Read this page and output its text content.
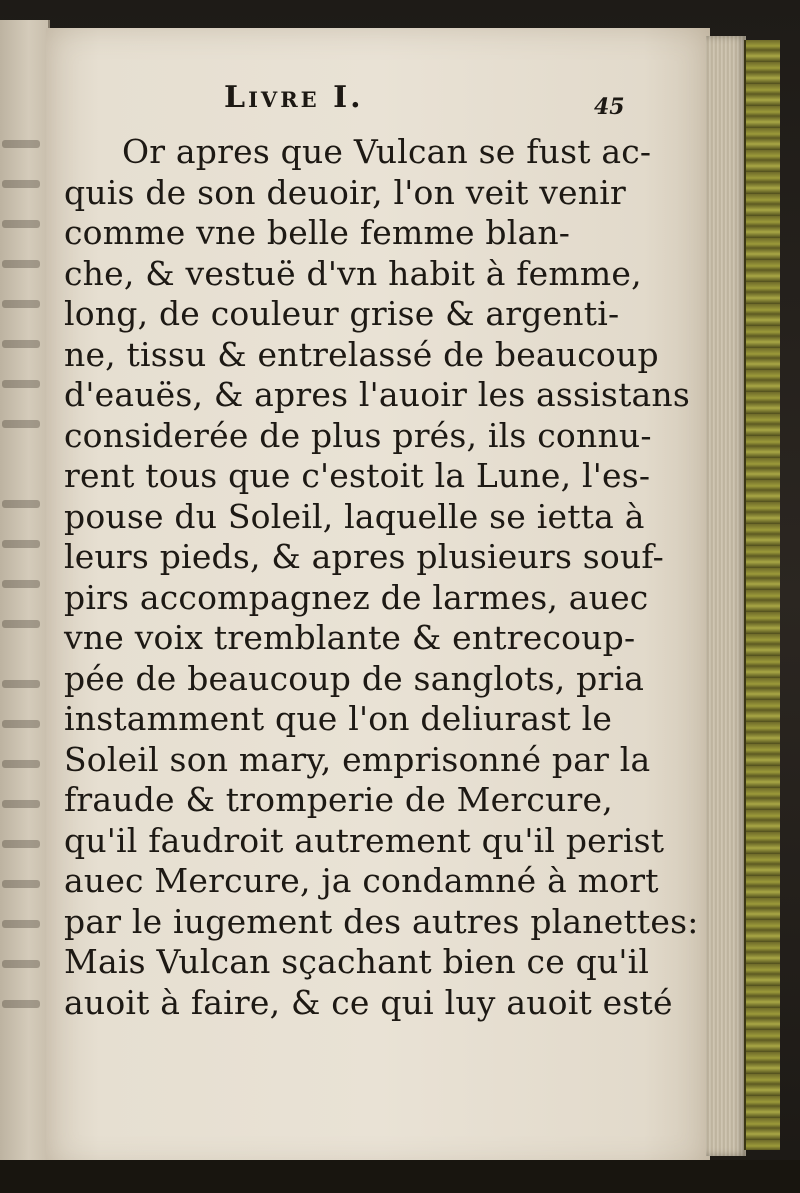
Livre I.	45
Or apres que Vulcan se fust ac-
quis de son deuoir, l'on veit venir
comme vne belle femme blan-
che, & vestuë d'vn habit à femme,
long, de couleur grise & argenti-
ne, tissu & entrelassé de beaucoup
d'eauës, & apres l'auoir les assistans
considerée de plus prés, ils connu-
rent tous que c'estoit la Lune, l'es-
pouse du Soleil, laquelle se ietta à
leurs pieds, & apres plusieurs souf-
pirs accompagnez de larmes, auec
vne voix tremblante & entrecoup-
pée de beaucoup de sanglots, pria
instamment que l'on deliurast le
Soleil son mary, emprisonné par la
fraude & tromperie de Mercure,
qu'il faudroit autrement qu'il perist
auec Mercure, ja condamné à mort
par le iugement des autres planettes:
Mais Vulcan sçachant bien ce qu'il
auoit à faire, & ce qui luy auoit esté
